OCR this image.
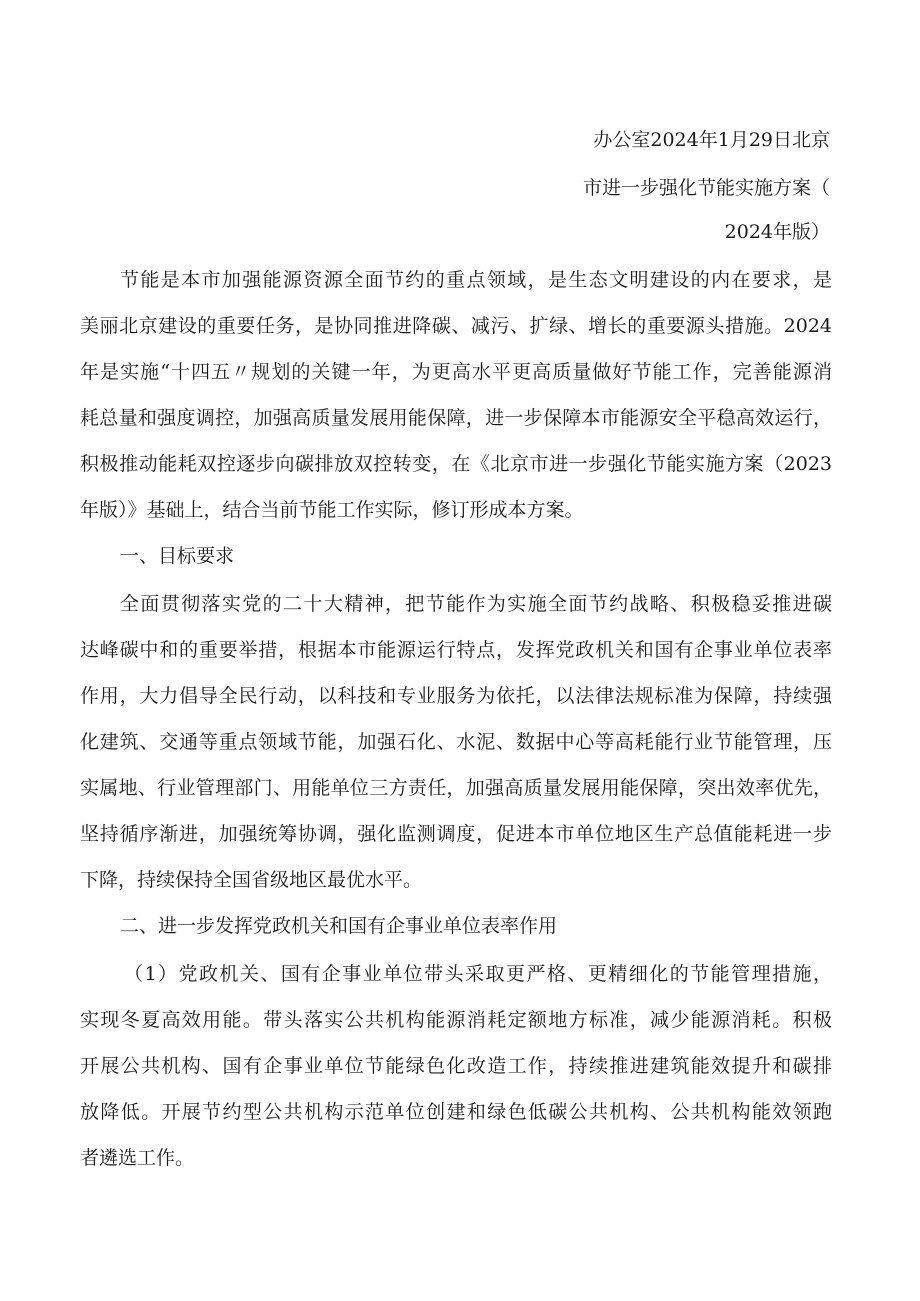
办公室2024年1月29日北京
市进一步强化节能实施方案（
2024年版）
节能是本市加强能源资源全面节约的重点领域，是生态文明建设的内在要求，是
美丽北京建设的重要任务，是协同推进降碳、减污、扩绿、增长的重要源头措施。2024
年是实施“十四五〃规划的关键一年，为更高水平更高质量做好节能工作，完善能源消
耗总量和强度调控，加强高质量发展用能保障，进一步保障本市能源安全平稳高效运行，
积极推动能耗双控逐步向碳排放双控转变，在《北京市进一步强化节能实施方案（2023
年版）》基础上，结合当前节能工作实际，修订形成本方案。
一、目标要求
全面贯彻落实党的二十大精神，把节能作为实施全面节约战略、积极稳妥推进碳
达峰碳中和的重要举措，根据本市能源运行特点，发挥党政机关和国有企事业单位表率
作用，大力倡导全民行动，以科技和专业服务为依托，以法律法规标准为保障，持续强
化建筑、交通等重点领域节能，加强石化、水泥、数据中心等高耗能行业节能管理，压
实属地、行业管理部门、用能单位三方责任，加强高质量发展用能保障，突出效率优先，
坚持循序渐进，加强统筹协调，强化监测调度，促进本市单位地区生产总值能耗进一步
下降，持续保持全国省级地区最优水平。
二、进一步发挥党政机关和国有企事业单位表率作用
（1）党政机关、国有企事业单位带头采取更严格、更精细化的节能管理措施，
实现冬夏高效用能。带头落实公共机构能源消耗定额地方标准，减少能源消耗。积极
开展公共机构、国有企事业单位节能绿色化改造工作，持续推进建筑能效提升和碳排
放降低。开展节约型公共机构示范单位创建和绿色低碳公共机构、公共机构能效领跑
者遴选工作。
